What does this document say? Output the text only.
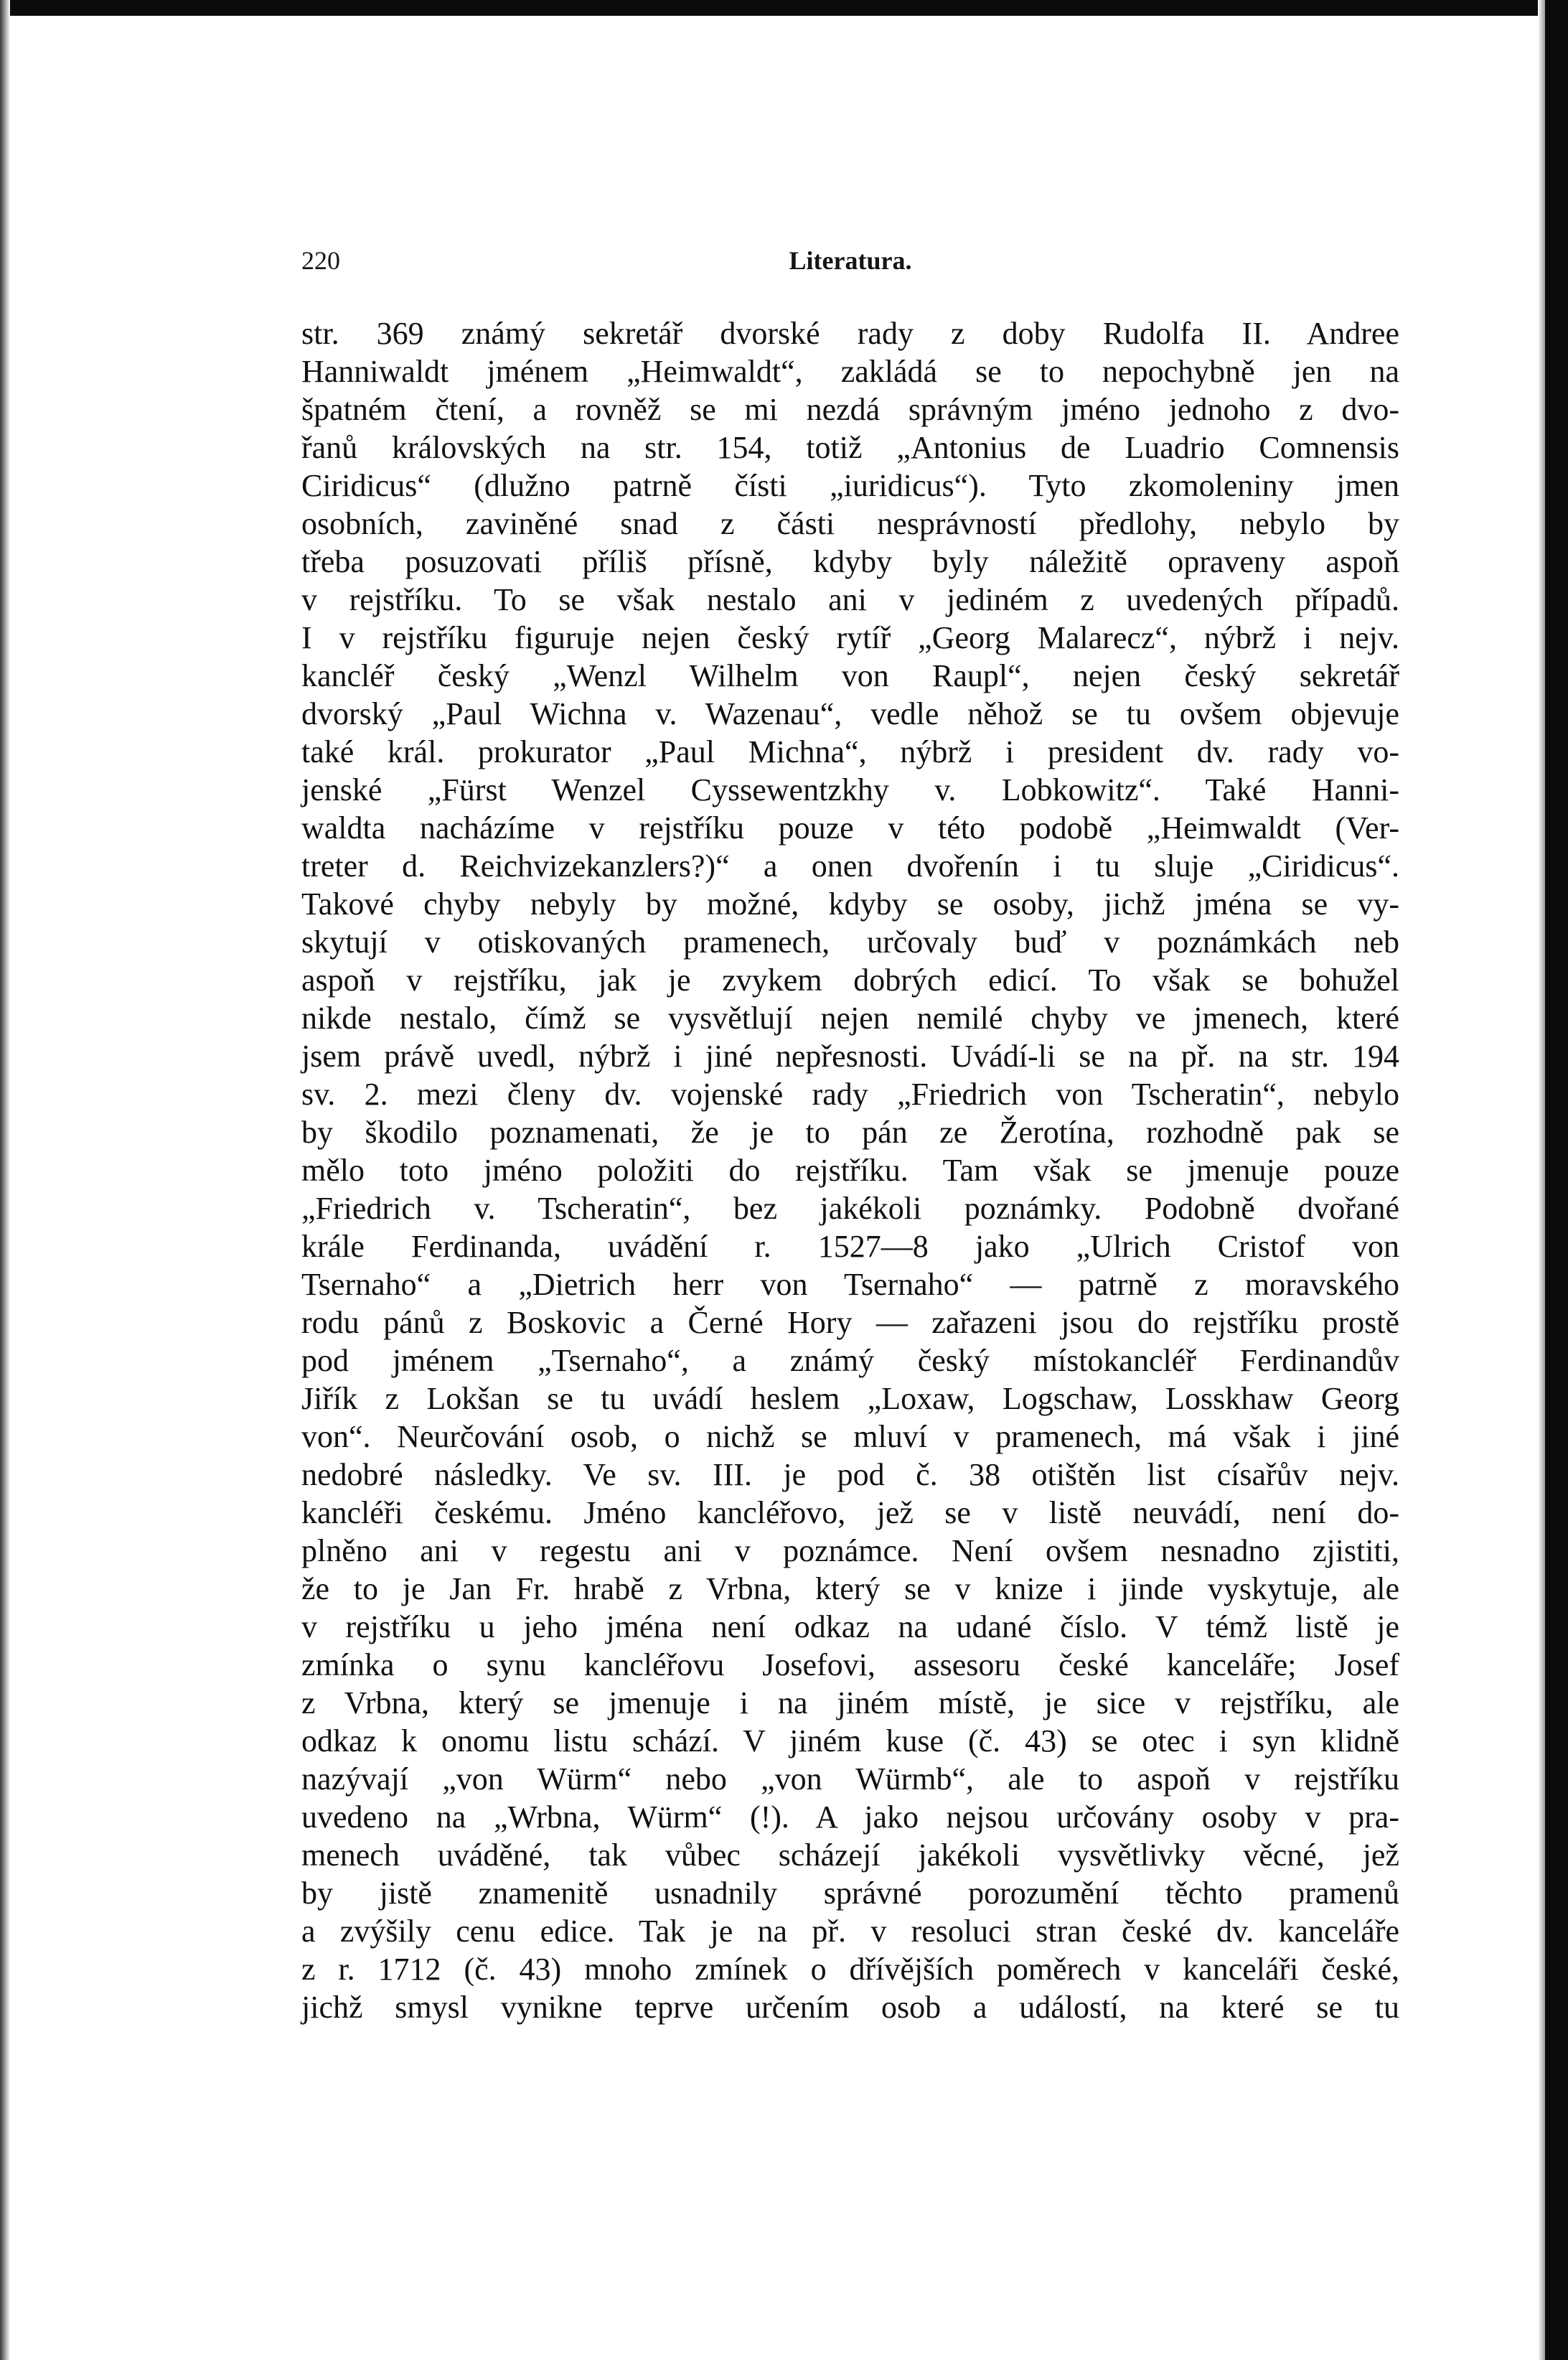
220	Literatura.
str. 369 známý sekretář dvorské rady z doby Rudolfa II. Andree
Hanniwaldt jménem „Heimwaldt“, zakládá se to nepochybně jen na
špatném čtení, a rovněž se mi nezdá správným jméno jednoho z dvo-
řanů královských na str. 154, totiž „Antonius de Luadrio Comnensis
Ciridicus“ (dlužno patrně čísti „iuridicus“). Tyto zkomoleniny jmen
osobních, zaviněné snad z části nesprávností předlohy, nebylo by
třeba posuzovati příliš přísně, kdyby byly náležitě opraveny aspoň
v rejstříku. To se však nestalo ani v jediném z uvedených případů.
I v rejstříku figuruje nejen český rytíř „Georg Malarecz“, nýbrž i nejv.
kancléř český „Wenzl Wilhelm von Raupl“, nejen český sekretář
dvorský „Paul Wichna v. Wazenau“, vedle něhož se tu ovšem objevuje
také král. prokurator „Paul Michna“, nýbrž i president dv. rady vo-
jenské „Fürst Wenzel Cyssewentzkhy v. Lobkowitz“. Také Hanni-
waldta nacházíme v rejstříku pouze v této podobě „Heimwaldt (Ver-
treter d. Reichvizekanzlers?)“ a onen dvořenín i tu sluje „Ciridicus“.
Takové chyby nebyly by možné, kdyby se osoby, jichž jména se vy-
skytují v otiskovaných pramenech, určovaly buď v poznámkách neb
aspoň v rejstříku, jak je zvykem dobrých edicí. To však se bohužel
nikde nestalo, čímž se vysvětlují nejen nemilé chyby ve jmenech, které
jsem právě uvedl, nýbrž i jiné nepřesnosti. Uvádí-li se na př. na str. 194
sv. 2. mezi členy dv. vojenské rady „Friedrich von Tscheratin“, nebylo
by škodilo poznamenati, že je to pán ze Žerotína, rozhodně pak se
mělo toto jméno položiti do rejstříku. Tam však se jmenuje pouze
„Friedrich v. Tscheratin“, bez jakékoli poznámky. Podobně dvořané
krále Ferdinanda, uvádění r. 1527—8 jako „Ulrich Cristof von
Tsernaho“ a „Dietrich herr von Tsernaho“ — patrně z moravského
rodu pánů z Boskovic a Černé Hory — zařazeni jsou do rejstříku prostě
pod jménem „Tsernaho“, a známý český místokancléř Ferdinandův
Jiřík z Lokšan se tu uvádí heslem „Loxaw, Logschaw, Losskhaw Georg
von“. Neurčování osob, o nichž se mluví v pramenech, má však i jiné
nedobré následky. Ve sv. III. je pod č. 38 otištěn list císařův nejv.
kancléři českému. Jméno kancléřovo, jež se v listě neuvádí, není do-
plněno ani v regestu ani v poznámce. Není ovšem nesnadno zjistiti,
že to je Jan Fr. hrabě z Vrbna, který se v knize i jinde vyskytuje, ale
v rejstříku u jeho jména není odkaz na udané číslo. V témž listě je
zmínka o synu kancléřovu Josefovi, assesoru české kanceláře; Josef
z Vrbna, který se jmenuje i na jiném místě, je sice v rejstříku, ale
odkaz k onomu listu schází. V jiném kuse (č. 43) se otec i syn klidně
nazývají „von Würm“ nebo „von Würmb“, ale to aspoň v rejstříku
uvedeno na „Wrbna, Würm“ (!). A jako nejsou určovány osoby v pra-
menech uváděné, tak vůbec scházejí jakékoli vysvětlivky věcné, jež
by jistě znamenitě usnadnily správné porozumění těchto pramenů
a zvýšily cenu edice. Tak je na př. v resoluci stran české dv. kanceláře
z r. 1712 (č. 43) mnoho zmínek o dřívějších poměrech v kanceláři české,
jichž smysl vynikne teprve určením osob a událostí, na které se tu
